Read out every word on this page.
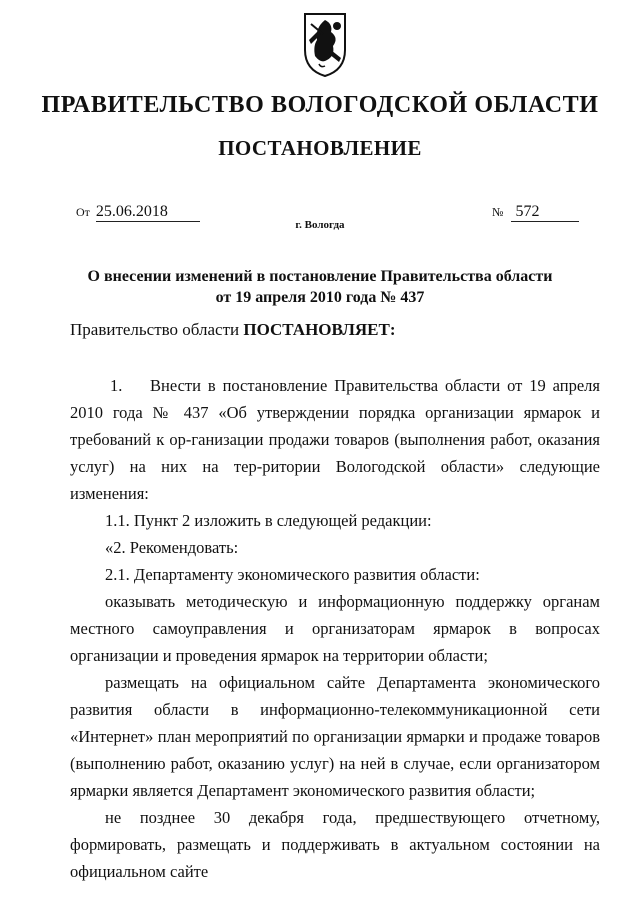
ПРАВИТЕЛЬСТВО ВОЛОГОДСКОЙ ОБЛАСТИ
ПОСТАНОВЛЕНИЕ
От 25.06.2018	№ 572
г. Вологда
О внесении изменений в постановление Правительства области
от 19 апреля 2010 года № 437
Правительство области ПОСТАНОВЛЯЕТ:

1. Внести в постановление Правительства области от 19 апреля 2010 года № 437 «Об утверждении порядка организации ярмарок и требований к ор-ганизации продажи товаров (выполнения работ, оказания услуг) на них на тер-ритории Вологодской области» следующие изменения:

1.1. Пункт 2 изложить в следующей редакции:

«2. Рекомендовать:

2.1. Департаменту экономического развития области:

оказывать методическую и информационную поддержку органам местного самоуправления и организаторам ярмарок в вопросах организации и проведения ярмарок на территории области;

размещать на официальном сайте Департамента экономического развития области в информационно-телекоммуникационной сети «Интернет» план мероприятий по организации ярмарки и продаже товаров (выполнению работ, оказанию услуг) на ней в случае, если организатором ярмарки является Департамент экономического развития области;

не позднее 30 декабря года, предшествующего отчетному, формировать, размещать и поддерживать в актуальном состоянии на официальном сайте
